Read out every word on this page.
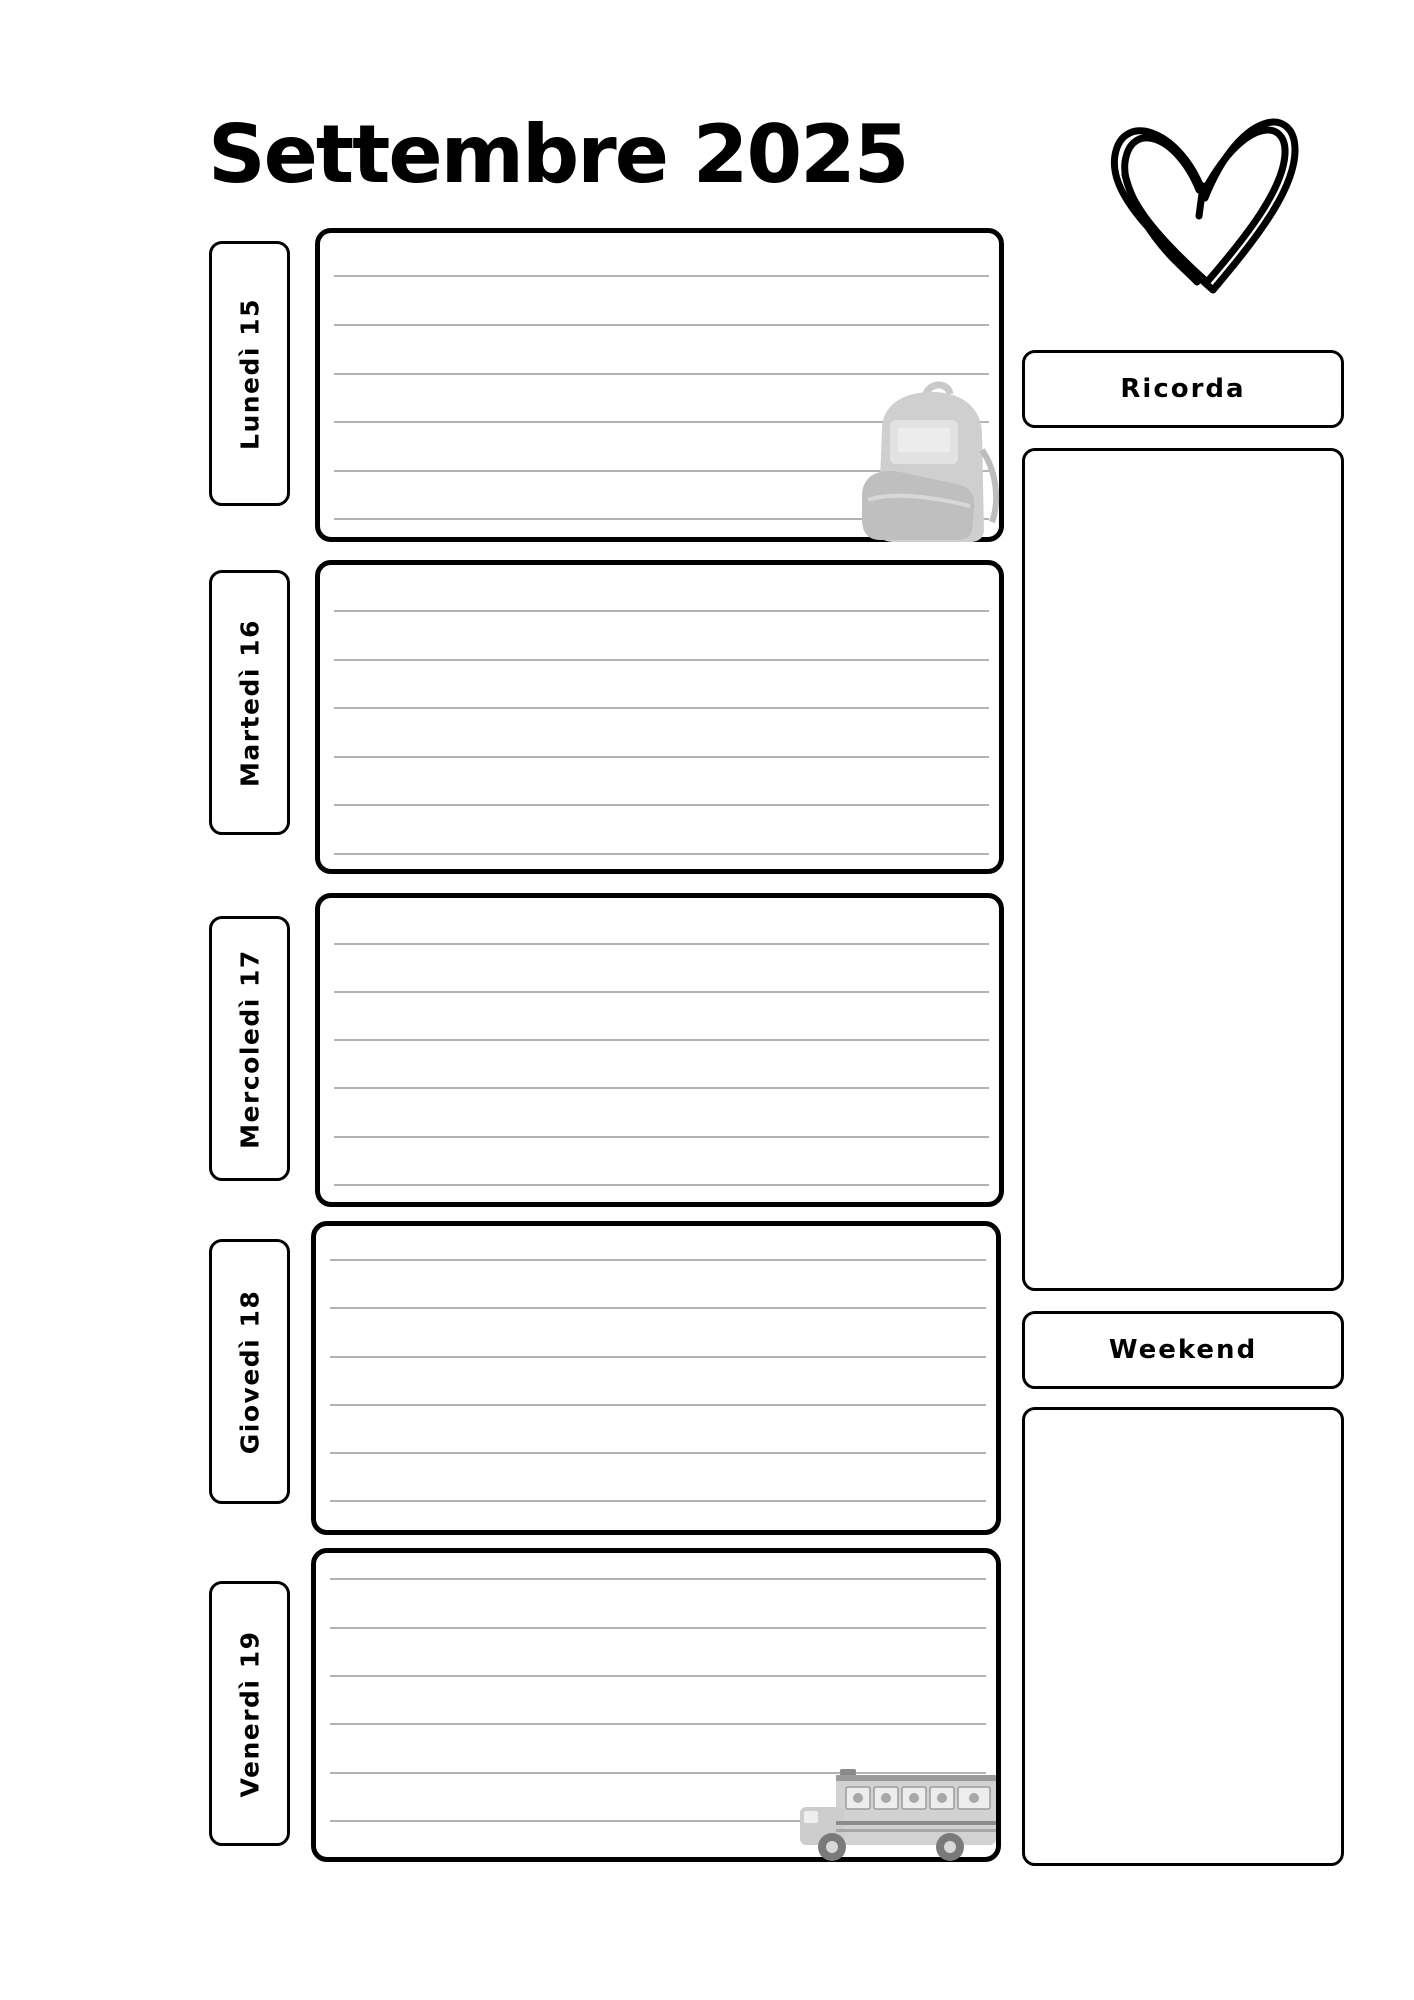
Settembre 2025
Lunedì 15
Martedì 16
Mercoledì 17
Giovedì 18
Venerdì 19
Ricorda
Weekend
